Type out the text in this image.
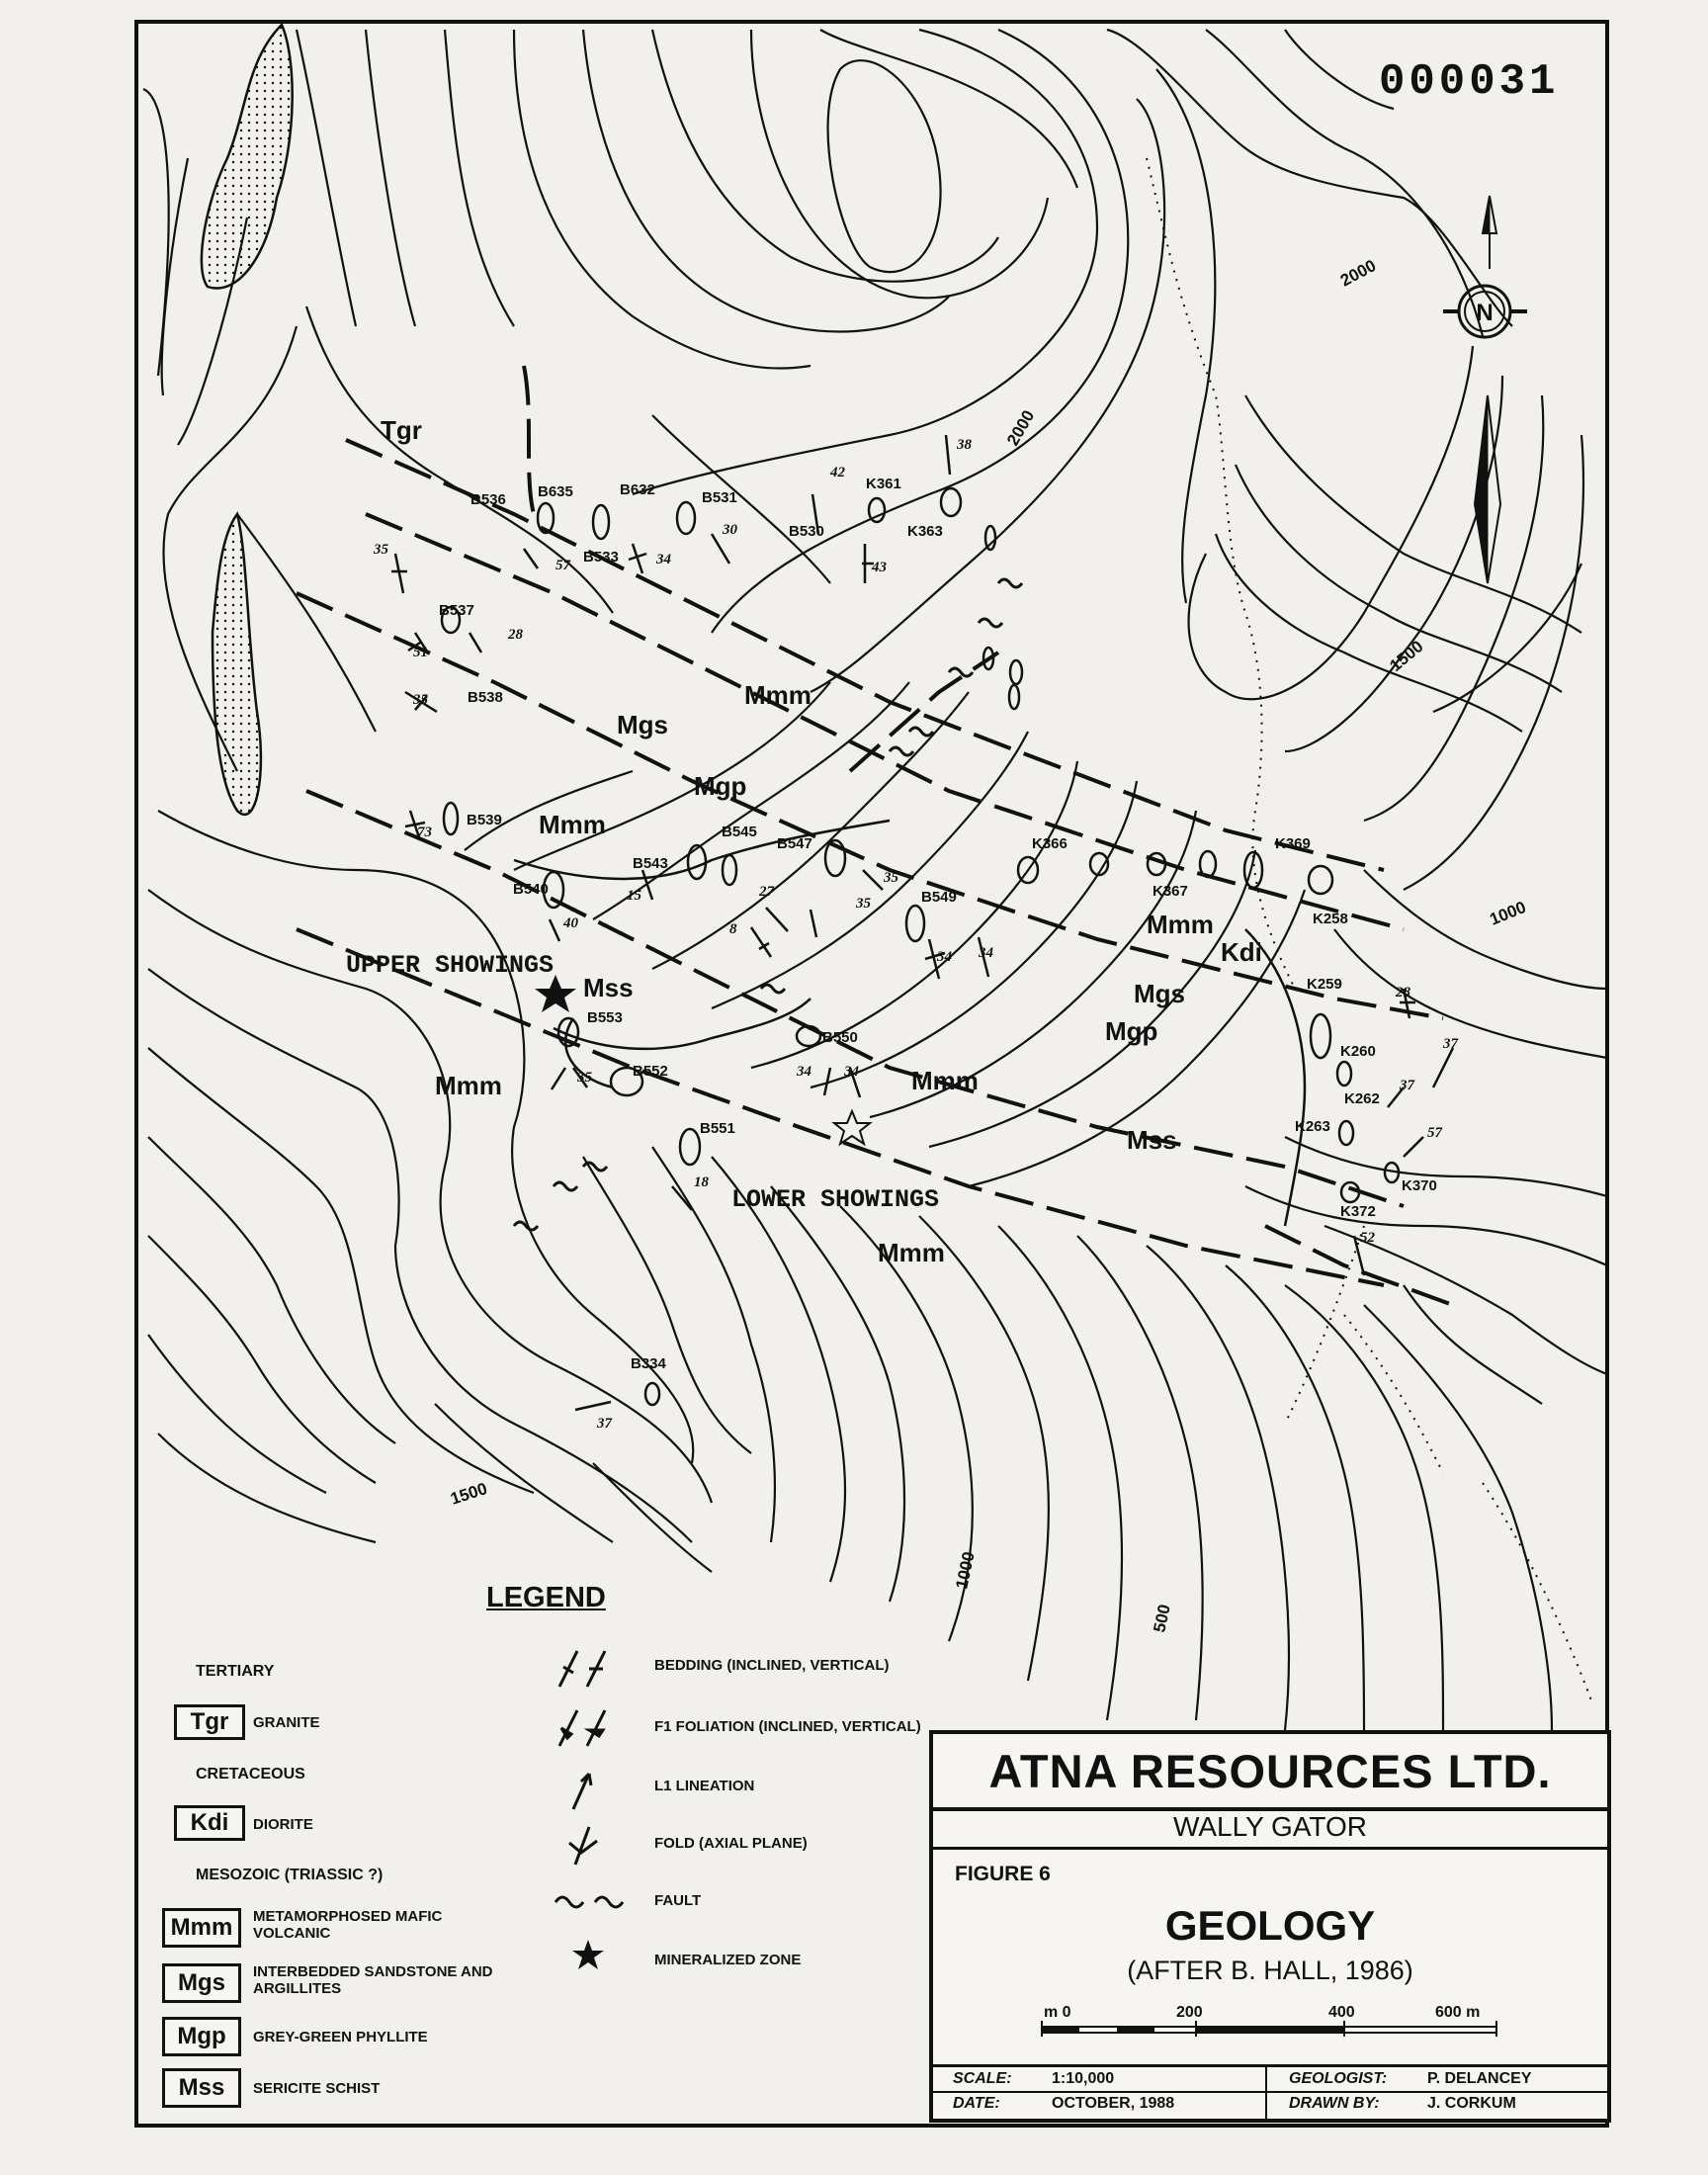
000031
N
Tgr
Mmm
Mgs
Mgp
Mmm
Mss
Mmm	Mmm
Mmm
Kdi
Mgs
Mgp
Mss
Mmm
UPPER SHOWINGS
LOWER SHOWINGS
2000
2000
1500
1000
1500
1000
500
B536 B635	B632	B531
B530
K361
K363
B533
B537
B538
B539
B540
B543
B545
B547
B549
K366
K367
K369
K258
K259
K260
K262
K263
K370
K372
B553
B552
B550
B551
B334
35
51
28
35
57	34
30
42
38
43
73
40
15	27
8
35
35
34 34
28
37
37
57
52
35	34 34
18
37
LEGEND
TERTIARY
Tgr	GRANITE
CRETACEOUS
Kdi	DIORITE
MESOZOIC (TRIASSIC ?)
Mmm	METAMORPHOSED MAFIC VOLCANIC
Mgs	INTERBEDDED SANDSTONE AND ARGILLITES
Mgp	GREY-GREEN PHYLLITE
Mss	SERICITE SCHIST
BEDDING (INCLINED, VERTICAL)
F1 FOLIATION (INCLINED, VERTICAL)
L1 LINEATION
FOLD (AXIAL PLANE)
FAULT
MINERALIZED ZONE
ATNA RESOURCES LTD.
WALLY GATOR
FIGURE 6
GEOLOGY
(AFTER B. HALL, 1986)
m 0	200	400	600 m
SCALE:	1:10,000
DATE:	OCTOBER, 1988
GEOLOGIST:	P. DELANCEY
DRAWN BY:	J. CORKUM
